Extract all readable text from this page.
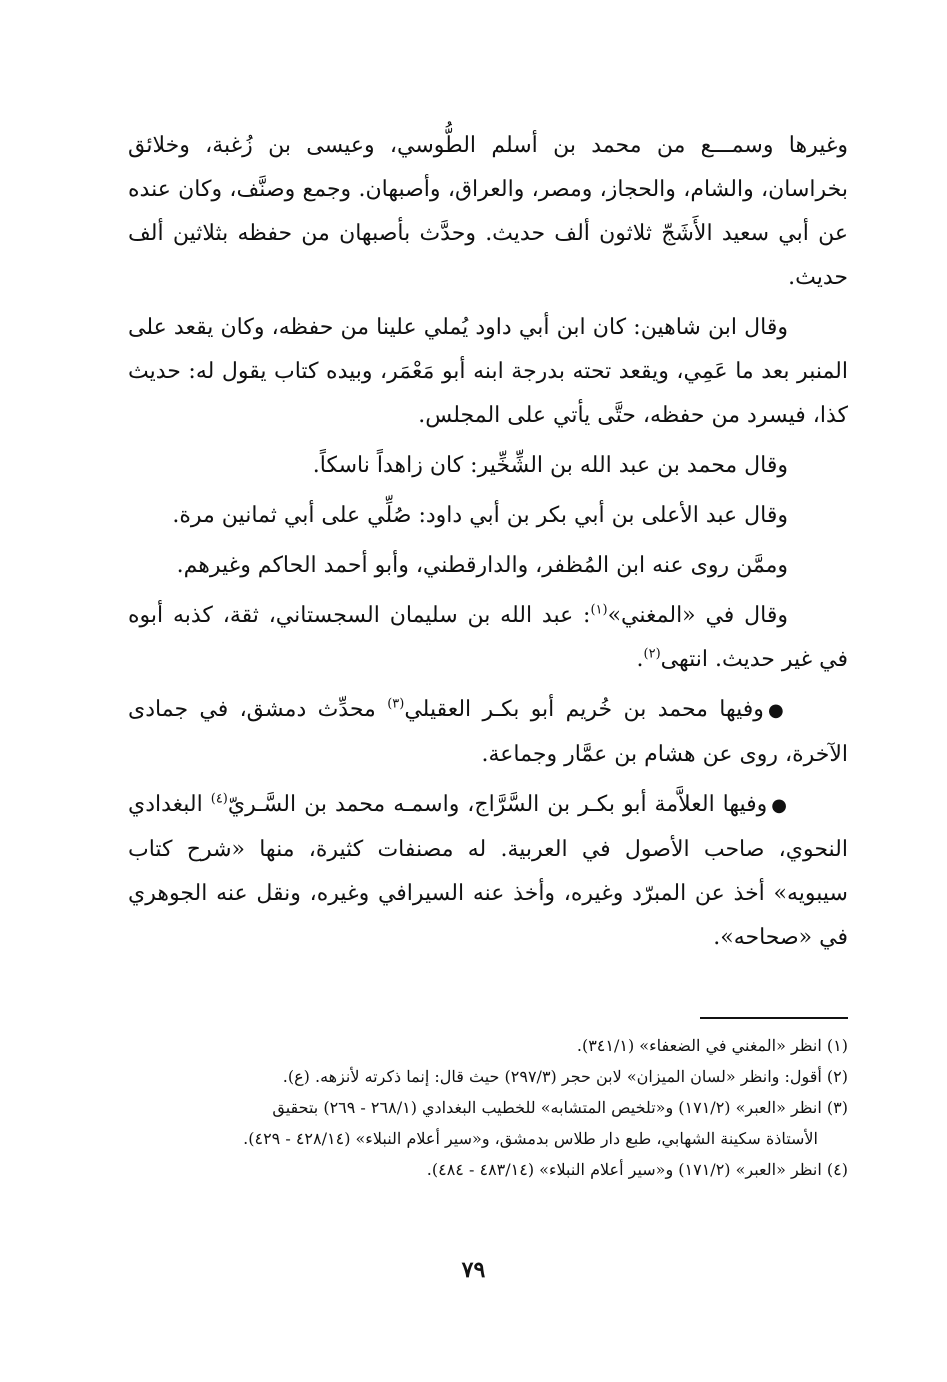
وغيرها وسمـــع من محمد بن أسلم الطُّوسي، وعيسى بن زُغبة، وخلائق بخراسان، والشام، والحجاز، ومصر، والعراق، وأصبهان. وجمع وصنَّف، وكان عنده عن أبي سعيد الأَشَجّ ثلاثون ألف حديث. وحدَّث بأصبهان من حفظه بثلاثين ألف حديث.

وقال ابن شاهين: كان ابن أبي داود يُملي علينا من حفظه، وكان يقعد على المنبر بعد ما عَمِي، ويقعد تحته بدرجة ابنه أبو مَعْمَر، وبيده كتاب يقول له: حديث كذا، فيسرد من حفظه، حتَّى يأتي على المجلس.

وقال محمد بن عبد الله بن الشِّخِّير: كان زاهداً ناسكاً.

وقال عبد الأعلى بن أبي بكر بن أبي داود: صُلِّي على أبي ثمانين مرة.

وممَّن روى عنه ابن المُظفر، والدارقطني، وأبو أحمد الحاكم وغيرهم.

وقال في «المغني»$^{(١)}$: عبد الله بن سليمان السجستاني، ثقة، كذبه أبوه في غير حديث. انتهى$^{(٢)}$.

●وفيها محمد بن خُريم أبو بكـر العقيلي$^{(٣)}$ محدِّث دمشق، في جمادى الآخرة، روى عن هشام بن عمَّار وجماعة.

●وفيها العلاَّمة أبو بكـر بن السَّرَّاج، واسمـه محمد بن السَّـريّ$^{(٤)}$ البغدادي النحوي، صاحب الأصول في العربية. له مصنفات كثيرة، منها «شرح كتاب سيبويه» أخذ عن المبرّد وغيره، وأخذ عنه السيرافي وغيره، ونقل عنه الجوهري في «صحاحه».

(١) انظر «المغني في الضعفاء» (٣٤١/١).

(٢) أقول: وانظر «لسان الميزان» لابن حجر (٢٩٧/٣) حيث قال: إنما ذكرته لأنزهه. (ع).

(٣) انظر «العبر» (١٧١/٢) و«تلخيص المتشابه» للخطيب البغدادي (٢٦٨/١ - ٢٦٩) بتحقيق

الأستاذة سكينة الشهابي، طبع دار طلاس بدمشق، و«سير أعلام النبلاء» (٤٢٨/١٤ - ٤٢٩).

(٤) انظر «العبر» (١٧١/٢) و«سير أعلام النبلاء» (٤٨٣/١٤ - ٤٨٤).

٧٩
